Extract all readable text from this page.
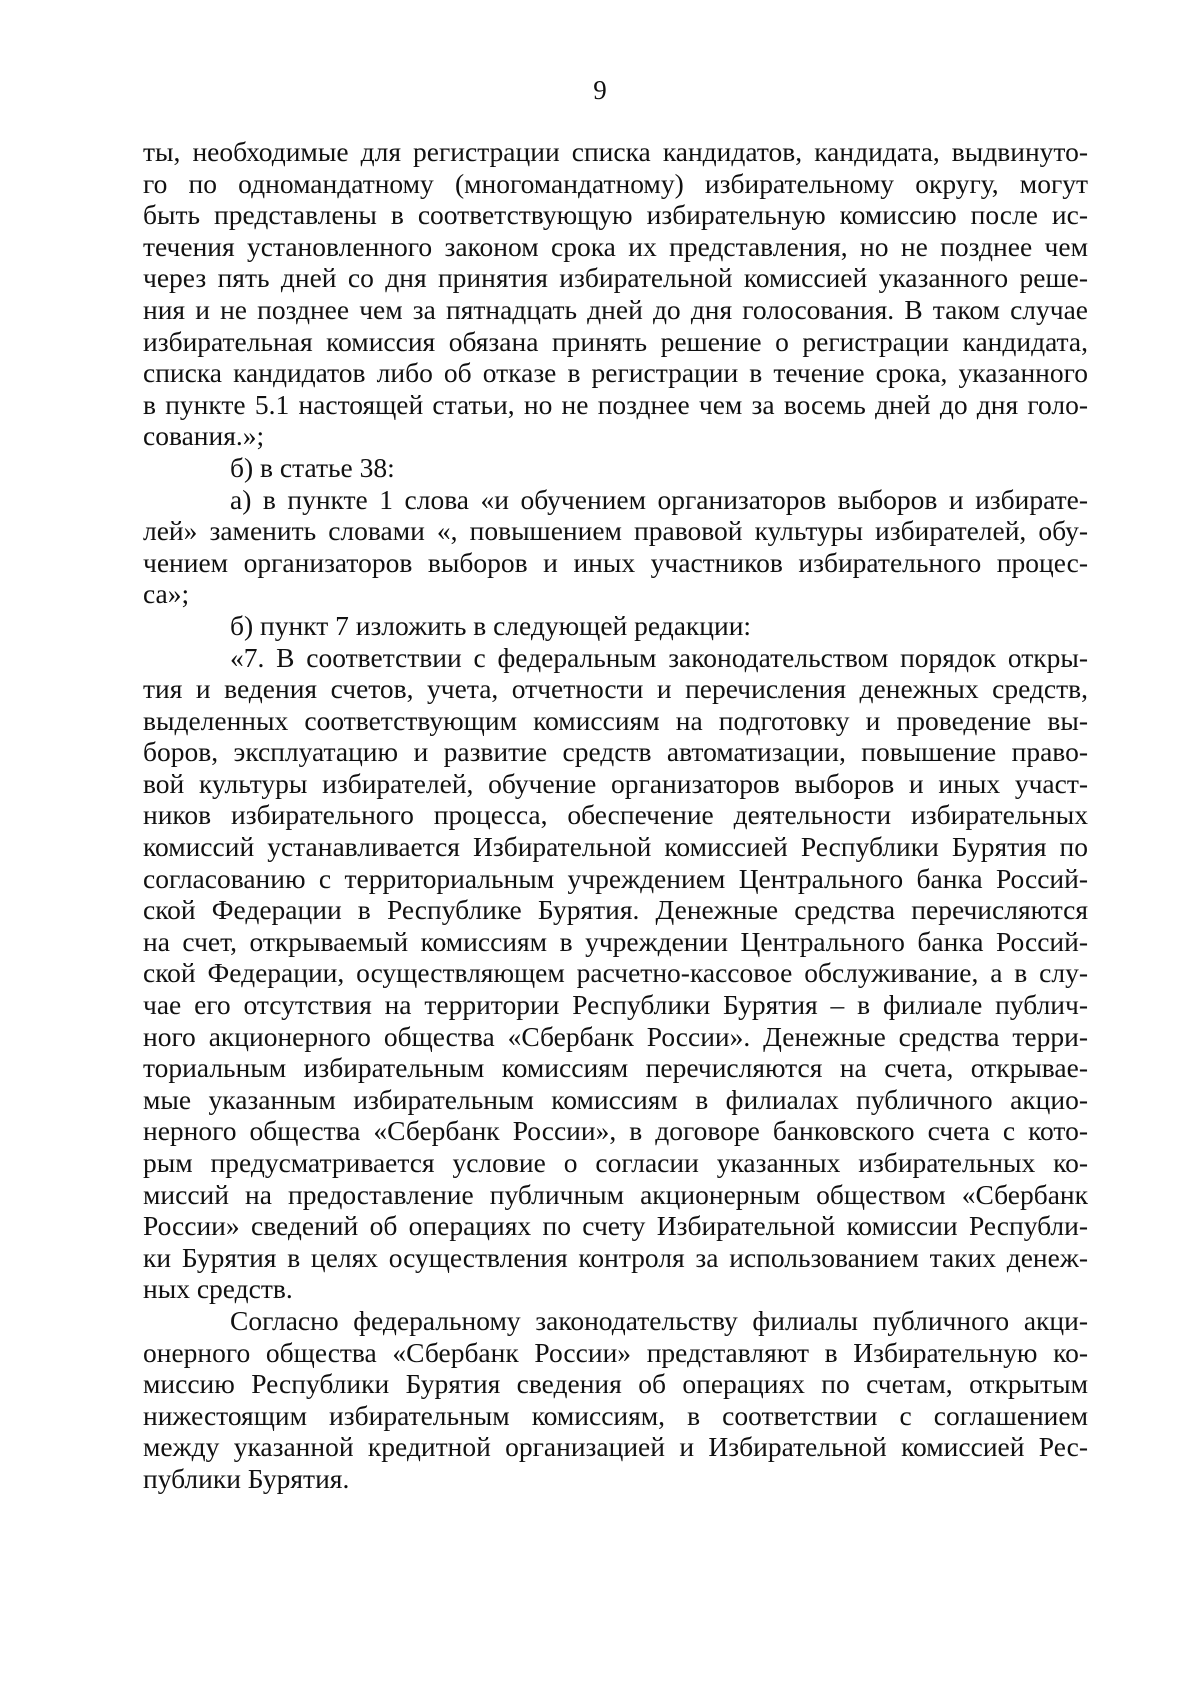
9
ты, необходимые для регистрации списка кандидатов, кандидата, выдвинуто-
го по одномандатному (многомандатному) избирательному округу, могут
быть представлены в соответствующую избирательную комиссию после ис-
течения установленного законом срока их представления, но не позднее чем
через пять дней со дня принятия избирательной комиссией указанного реше-
ния и не позднее чем за пятнадцать дней до дня голосования. В таком случае
избирательная комиссия обязана принять решение о регистрации кандидата,
списка кандидатов либо об отказе в регистрации в течение срока, указанного
в пункте 5.1 настоящей статьи, но не позднее чем за восемь дней до дня голо-
сования.»;
б) в статье 38:
а) в пункте 1 слова «и обучением организаторов выборов и избирате-
лей» заменить словами «, повышением правовой культуры избирателей, обу-
чением организаторов выборов и иных участников избирательного процес-
са»;
б) пункт 7 изложить в следующей редакции:
«7. В соответствии с федеральным законодательством порядок откры-
тия и ведения счетов, учета, отчетности и перечисления денежных средств,
выделенных соответствующим комиссиям на подготовку и проведение вы-
боров, эксплуатацию и развитие средств автоматизации, повышение право-
вой культуры избирателей, обучение организаторов выборов и иных участ-
ников избирательного процесса, обеспечение деятельности избирательных
комиссий устанавливается Избирательной комиссией Республики Бурятия по
согласованию с территориальным учреждением Центрального банка Россий-
ской Федерации в Республике Бурятия. Денежные средства перечисляются
на счет, открываемый комиссиям в учреждении Центрального банка Россий-
ской Федерации, осуществляющем расчетно-кассовое обслуживание, а в слу-
чае его отсутствия на территории Республики Бурятия – в филиале публич-
ного акционерного общества «Сбербанк России». Денежные средства терри-
ториальным избирательным комиссиям перечисляются на счета, открывае-
мые указанным избирательным комиссиям в филиалах публичного акцио-
нерного общества «Сбербанк России», в договоре банковского счета с кото-
рым предусматривается условие о согласии указанных избирательных ко-
миссий на предоставление публичным акционерным обществом «Сбербанк
России» сведений об операциях по счету Избирательной комиссии Республи-
ки Бурятия в целях осуществления контроля за использованием таких денеж-
ных средств.
Согласно федеральному законодательству филиалы публичного акци-
онерного общества «Сбербанк России» представляют в Избирательную ко-
миссию Республики Бурятия сведения об операциях по счетам, открытым
нижестоящим избирательным комиссиям, в соответствии с соглашением
между указанной кредитной организацией и Избирательной комиссией Рес-
публики Бурятия.
